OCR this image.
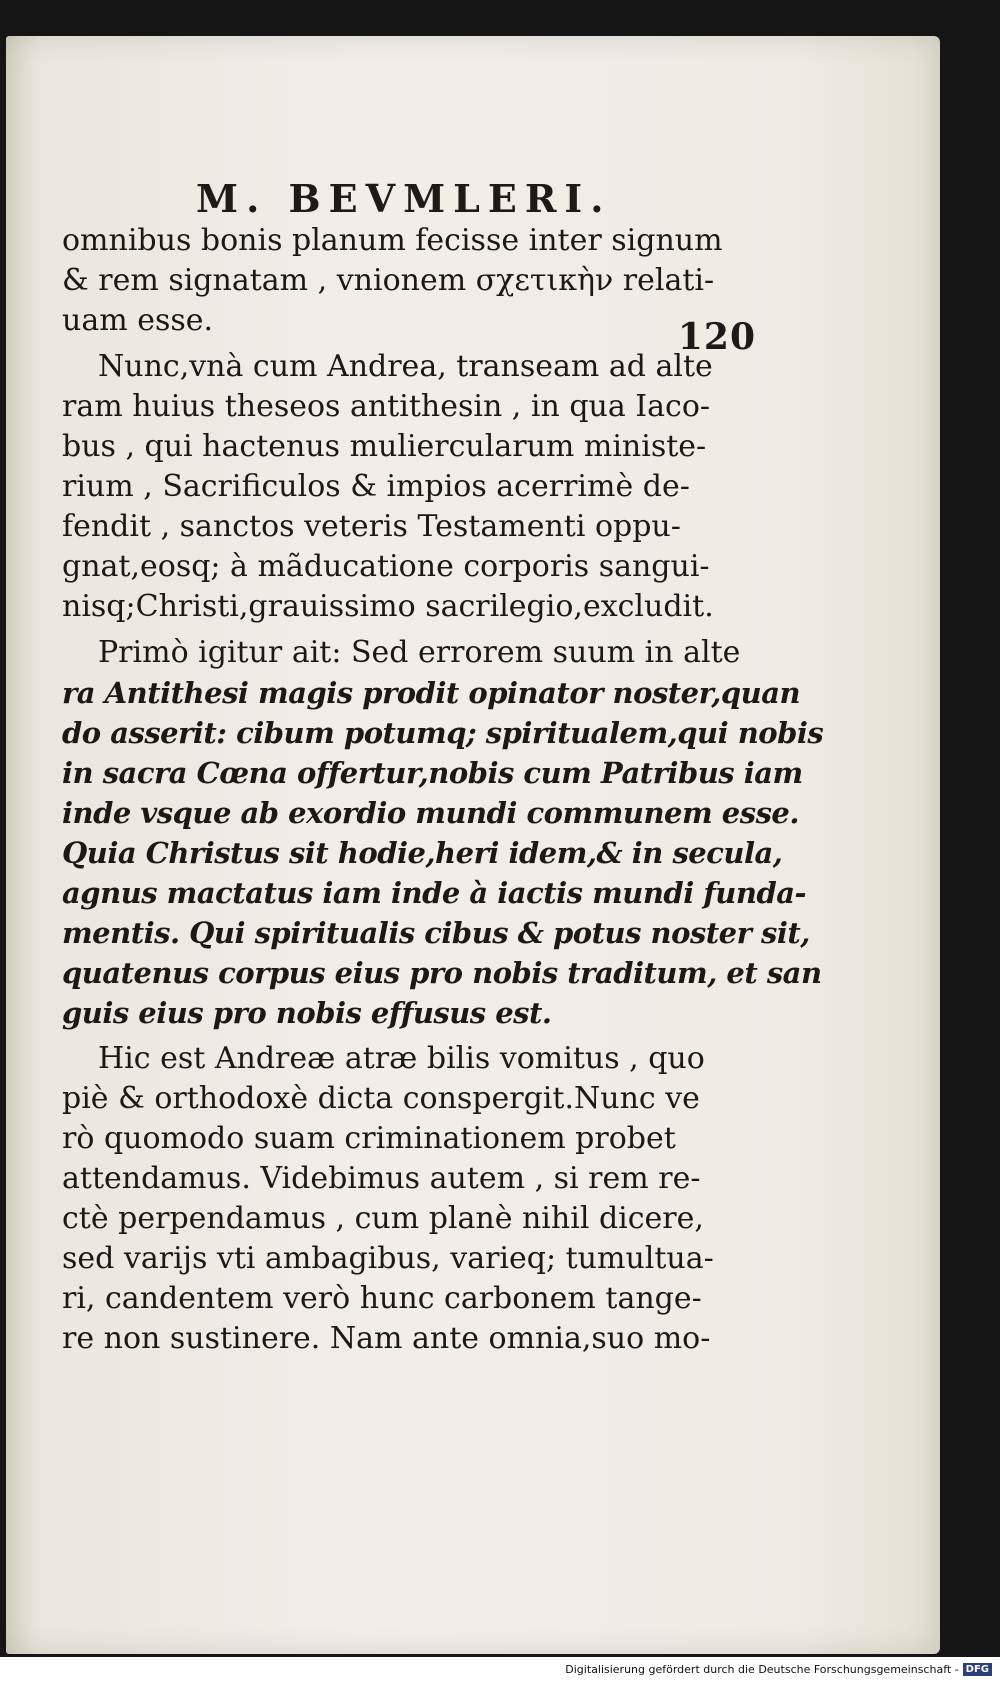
M. BEVMLERI.
120
omnibus bonis planum fecisse inter signum
& rem signatam , vnionem σχετικὴν relati-
uam esse.
Nunc,vnà cum Andrea, transeam ad alte
ram huius theseos antithesin , in qua Iaco-
bus , qui hactenus muliercularum ministe-
rium , Sacrificulos & impios acerrimè de-
fendit , sanctos veteris Testamenti oppu-
gnat,eosq; à mãducatione corporis sangui-
nisq;Christi,grauissimo sacrilegio,excludit.
Primò igitur ait: Sed errorem suum in alte
ra Antithesi magis prodit opinator noster,quan
do asserit: cibum potumq; spiritualem,qui nobis
in sacra Cœna offertur,nobis cum Patribus iam
inde vsque ab exordio mundi communem esse.
Quia Christus sit hodie,heri idem,& in secula,
agnus mactatus iam inde à iactis mundi funda-
mentis. Qui spiritualis cibus & potus noster sit,
quatenus corpus eius pro nobis traditum, et san
guis eius pro nobis effusus est.
Hic est Andreæ atræ bilis vomitus , quo
piè & orthodoxè dicta conspergit.Nunc ve
rò quomodo suam criminationem probet
attendamus. Videbimus autem , si rem re-
ctè perpendamus , cum planè nihil dicere,
sed varijs vti ambagibus, varieq; tumultua-
ri, candentem verò hunc carbonem tange-
re non sustinere. Nam ante omnia,suo mo-
Digitalisierung gefördert durch die Deutsche Forschungsgemeinschaft - DFG
